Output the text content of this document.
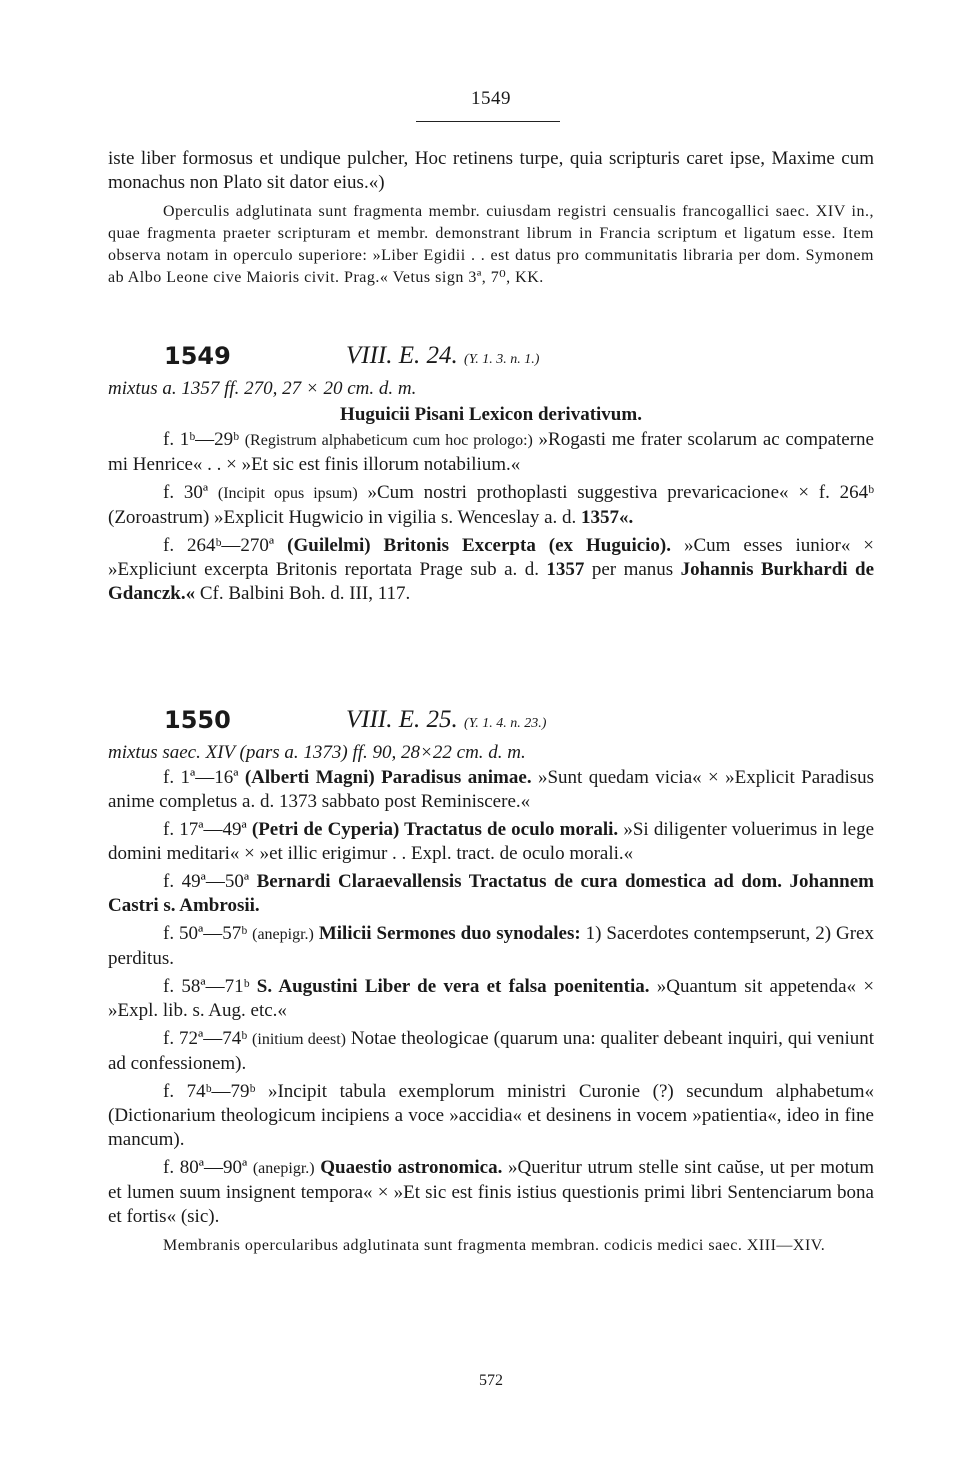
1549

iste liber formosus et undique pulcher, Hoc retinens turpe, quia scripturis caret ipse, Maxime cum monachus non Plato sit dator eius.«)

Operculis adglutinata sunt fragmenta membr. cuiusdam registri censualis francogallici saec. XIV in., quae fragmenta praeter scripturam et membr. demonstrant librum in Francia scriptum et ligatum esse. Item observa notam in operculo superiore: »Liber Egidii . . est datus pro communitatis libraria per dom. Symonem ab Albo Leone cive Maioris civit. Prag.« Vetus sign 3ª, 7⁰, KK.

1549	VIII. E. 24. (Y. 1. 3. n. 1.)

mixtus a. 1357 ff. 270, 27 × 20 cm. d. m.

Huguicii Pisani Lexicon derivativum.

f. 1ᵇ—29ᵇ (Registrum alphabeticum cum hoc prologo:) »Rogasti me frater scolarum ac compaterne mi Henrice« . . × »Et sic est finis illorum notabilium.«

f. 30ª (Incipit opus ipsum) »Cum nostri prothoplasti suggestiva prevaricacione« × f. 264ᵇ (Zoroastrum) »Explicit Hugwicio in vigilia s. Wenceslay a. d. 1357«.

f. 264ᵇ—270ª (Guilelmi) Britonis Excerpta (ex Huguicio). »Cum esses iunior« × »Expliciunt excerpta Britonis reportata Prage sub a. d. 1357 per manus Johannis Burkhardi de Gdanczk.« Cf. Balbini Boh. d. III, 117.

1550	VIII. E. 25. (Y. 1. 4. n. 23.)

mixtus saec. XIV (pars a. 1373) ff. 90, 28×22 cm. d. m.

f. 1ª—16ª (Alberti Magni) Paradisus animae. »Sunt quedam vicia« × »Explicit Paradisus anime completus a. d. 1373 sabbato post Reminiscere.«

f. 17ª—49ª (Petri de Cyperia) Tractatus de oculo morali. »Si diligenter voluerimus in lege domini meditari« × »et illic erigimur . . Expl. tract. de oculo morali.«

f. 49ª—50ª Bernardi Claraevallensis Tractatus de cura domestica ad dom. Johannem Castri s. Ambrosii.

f. 50ª—57ᵇ (anepigr.) Milicii Sermones duo synodales: 1) Sacerdotes contempserunt, 2) Grex perditus.

f. 58ª—71ᵇ S. Augustini Liber de vera et falsa poenitentia. »Quantum sit appetenda« × »Expl. lib. s. Aug. etc.«

f. 72ª—74ᵇ (initium deest) Notae theologicae (quarum una: qualiter debeant inquiri, qui veniunt ad confessionem).

f. 74ᵇ—79ᵇ »Incipit tabula exemplorum ministri Curonie (?) secundum alphabetum« (Dictionarium theologicum incipiens a voce »accidia« et desinens in vocem »patientia«, ideo in fine mancum).

f. 80ª—90ª (anepigr.) Quaestio astronomica. »Queritur utrum stelle sint caŭse, ut per motum et lumen suum insignent tempora« × »Et sic est finis istius questionis primi libri Sentenciarum bona et fortis« (sic).

Membranis opercularibus adglutinata sunt fragmenta membran. codicis medici saec. XIII—XIV.

572
